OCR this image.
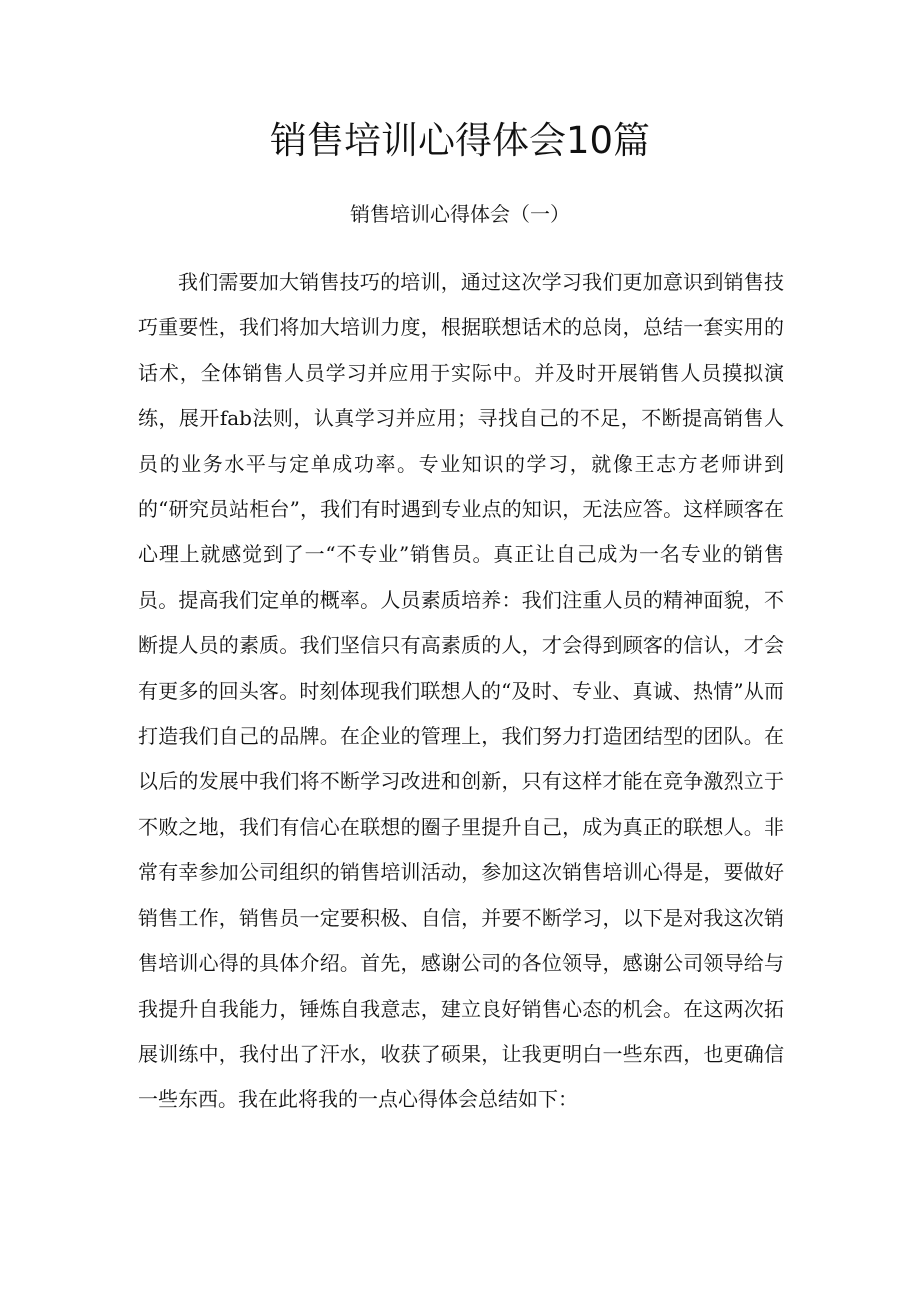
销售培训心得体会10篇
销售培训心得体会（一）

我们需要加大销售技巧的培训，通过这次学习我们更加意识到销售技巧重要性，我们将加大培训力度，根据联想话术的总岗，总结一套实用的话术，全体销售人员学习并应用于实际中。并及时开展销售人员摸拟演练，展开fab法则，认真学习并应用；寻找自己的不足，不断提高销售人员的业务水平与定单成功率。专业知识的学习，就像王志方老师讲到的“研究员站柜台”，我们有时遇到专业点的知识，无法应答。这样顾客在心理上就感觉到了一“不专业”销售员。真正让自己成为一名专业的销售员。提高我们定单的概率。人员素质培养：我们注重人员的精神面貌，不断提人员的素质。我们坚信只有高素质的人，才会得到顾客的信认，才会有更多的回头客。时刻体现我们联想人的“及时、专业、真诚、热情”从而打造我们自己的品牌。在企业的管理上，我们努力打造团结型的团队。在以后的发展中我们将不断学习改进和创新，只有这样才能在竞争激烈立于不败之地，我们有信心在联想的圈子里提升自己，成为真正的联想人。非常有幸参加公司组织的销售培训活动，参加这次销售培训心得是，要做好销售工作，销售员一定要积极、自信，并要不断学习，以下是对我这次销售培训心得的具体介绍。首先，感谢公司的各位领导，感谢公司领导给与我提升自我能力，锤炼自我意志，建立良好销售心态的机会。在这两次拓展训练中，我付出了汗水，收获了硕果，让我更明白一些东西，也更确信一些东西。我在此将我的一点心得体会总结如下：
